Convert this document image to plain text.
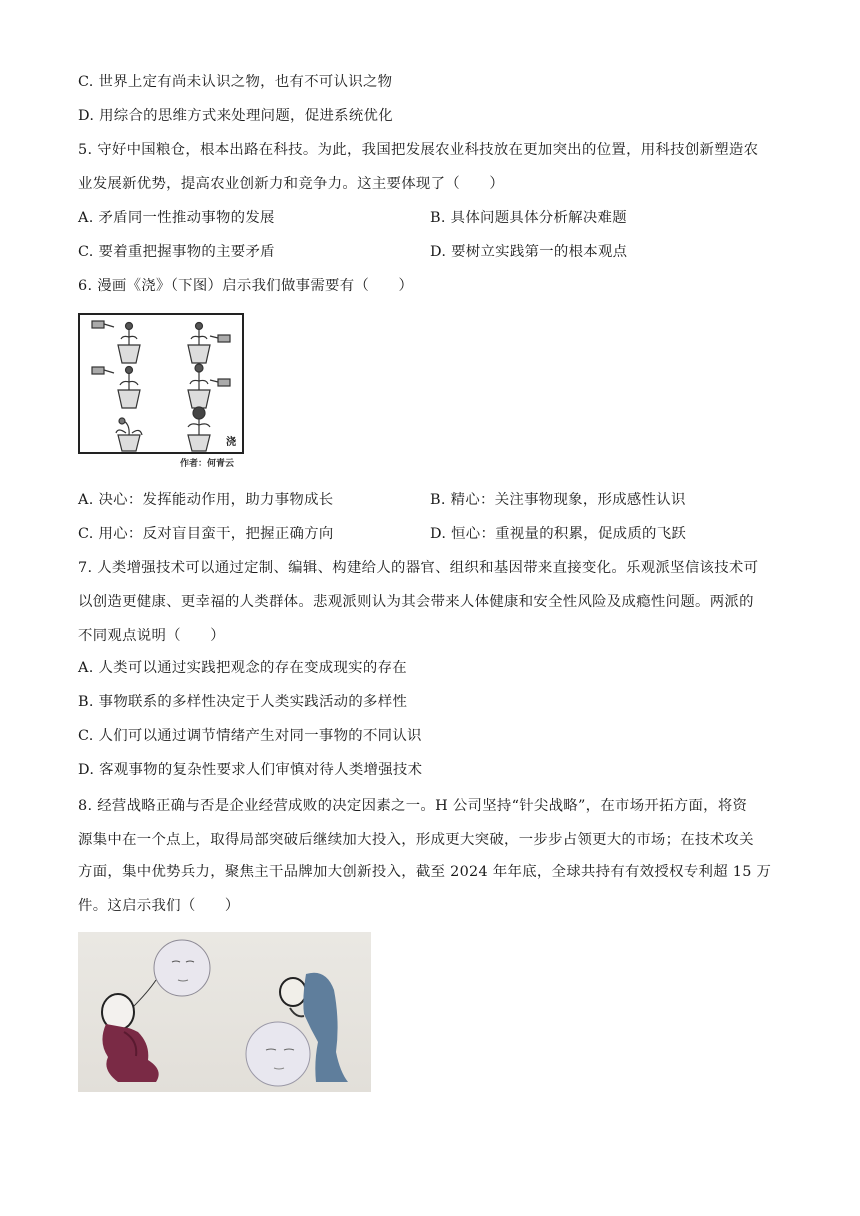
C. 世界上定有尚未认识之物，也有不可认识之物
D. 用综合的思维方式来处理问题，促进系统优化
5. 守好中国粮仓，根本出路在科技。为此，我国把发展农业科技放在更加突出的位置，用科技创新塑造农
业发展新优势，提高农业创新力和竞争力。这主要体现了（　　）
A. 矛盾同一性推动事物的发展	B. 具体问题具体分析解决难题
C. 要着重把握事物的主要矛盾	D. 要树立实践第一的根本观点
6. 漫画《浇》（下图）启示我们做事需要有（　　）
浇
作者：何青云
A. 决心：发挥能动作用，助力事物成长	B. 精心：关注事物现象，形成感性认识
C. 用心：反对盲目蛮干，把握正确方向	D. 恒心：重视量的积累，促成质的飞跃
7. 人类增强技术可以通过定制、编辑、构建给人的器官、组织和基因带来直接变化。乐观派坚信该技术可
以创造更健康、更幸福的人类群体。悲观派则认为其会带来人体健康和安全性风险及成瘾性问题。两派的
不同观点说明（　　）
A. 人类可以通过实践把观念的存在变成现实的存在
B. 事物联系的多样性决定于人类实践活动的多样性
C. 人们可以通过调节情绪产生对同一事物的不同认识
D. 客观事物的复杂性要求人们审慎对待人类增强技术
8. 经营战略正确与否是企业经营成败的决定因素之一。H 公司坚持“针尖战略”，在市场开拓方面，将资
源集中在一个点上，取得局部突破后继续加大投入，形成更大突破，一步步占领更大的市场；在技术攻关
方面，集中优势兵力，聚焦主干品牌加大创新投入，截至 2024 年年底，全球共持有有效授权专利超 15 万
件。这启示我们（　　）
